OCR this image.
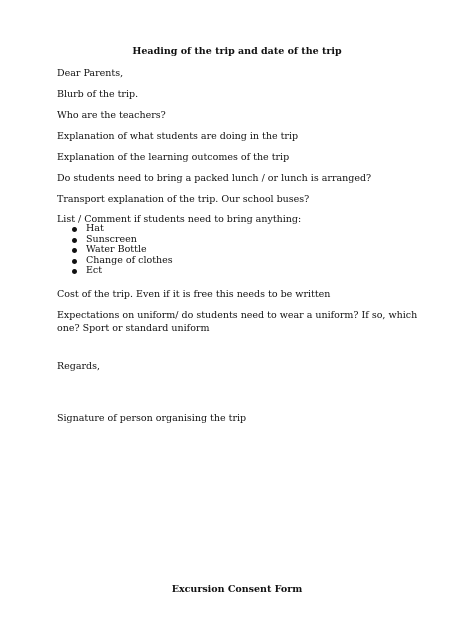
Heading of the trip and date of the trip
Dear Parents,
Blurb of the trip.
Who are the teachers?
Explanation of what students are doing in the trip
Explanation of the learning outcomes of the trip
Do students need to bring a packed lunch / or lunch is arranged?
Transport explanation of the trip. Our school buses?
List / Comment if students need to bring anything:
Hat
Sunscreen
Water Bottle
Change of clothes
Ect
Cost of the trip. Even if it is free this needs to be written
Expectations on uniform/ do students need to wear a uniform? If so, which one? Sport or standard uniform
Regards,
Signature of person organising the trip
Excursion Consent Form
